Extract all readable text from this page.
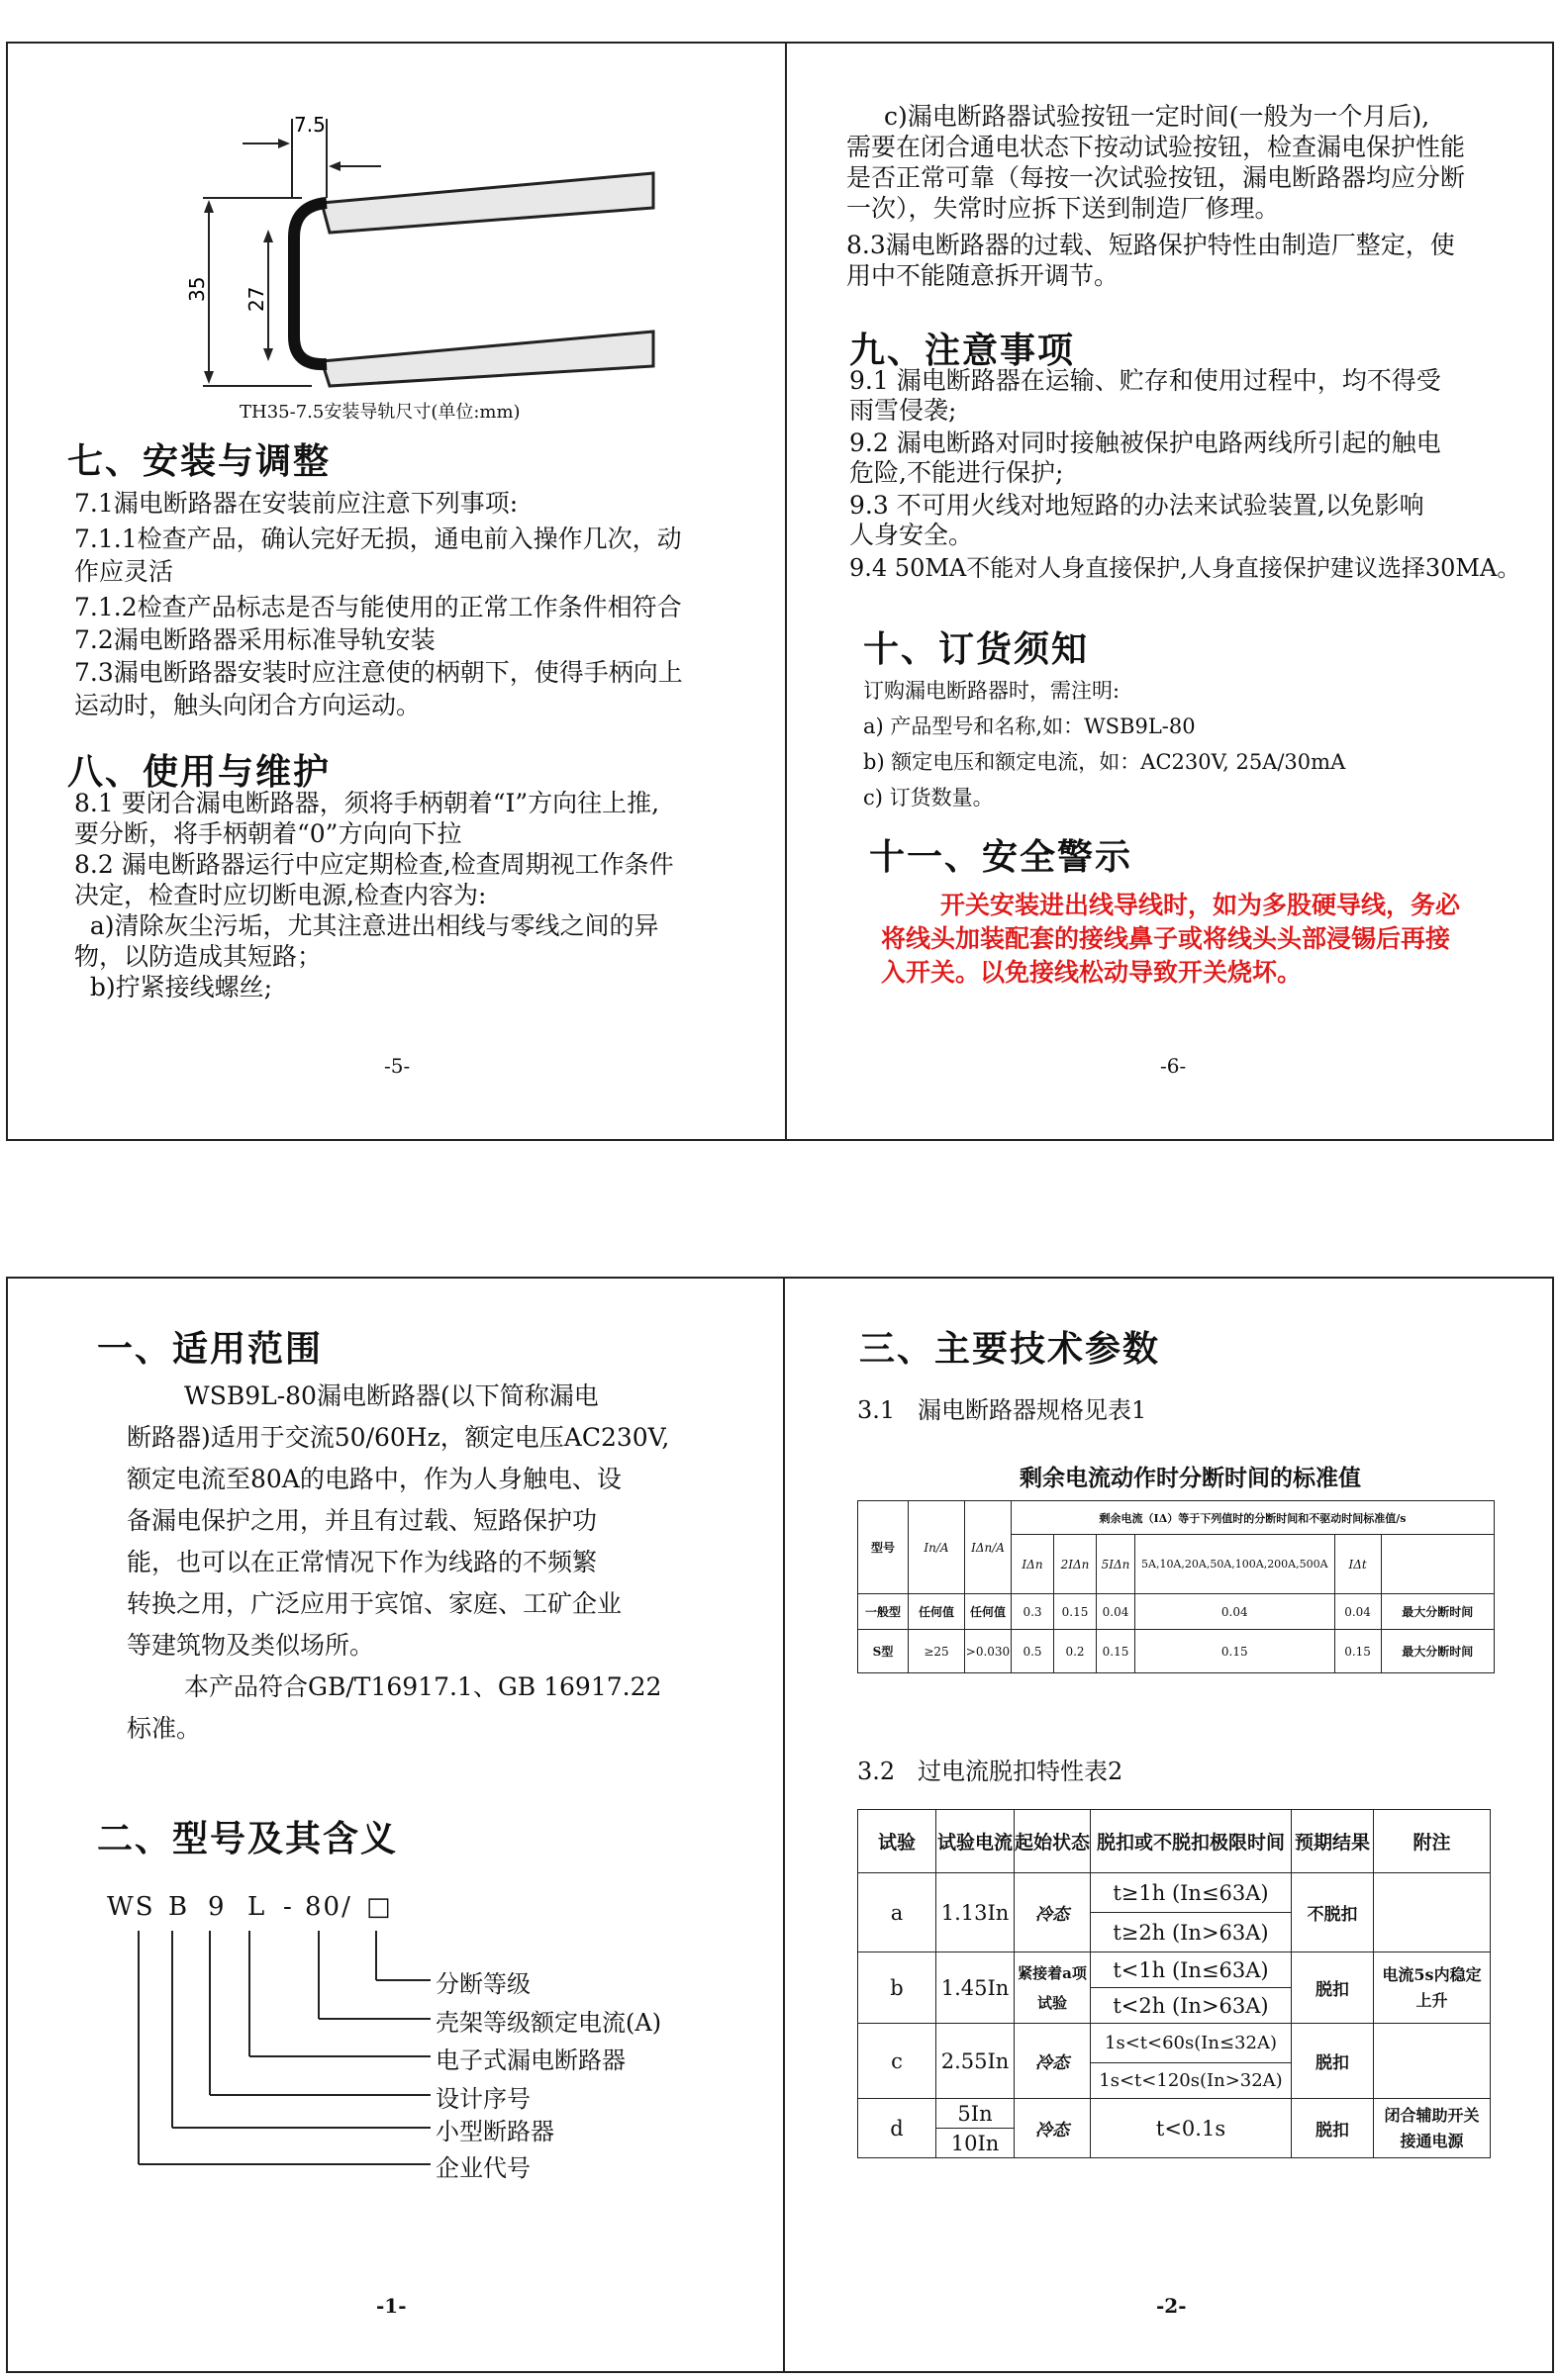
7.5
35 27
TH35-7.5安装导轨尺寸(单位:mm)
七、安装与调整
7.1漏电断路器在安装前应注意下列事项:
7.1.1检查产品，确认完好无损，通电前入操作几次，动
作应灵活
7.1.2检查产品标志是否与能使用的正常工作条件相符合
7.2漏电断路器采用标准导轨安装
7.3漏电断路器安装时应注意使的柄朝下，使得手柄向上
运动时，触头向闭合方向运动。
八、使用与维护
8.1 要闭合漏电断路器，须将手柄朝着“I”方向往上推,
要分断，将手柄朝着“0”方向向下拉
8.2 漏电断路器运行中应定期检查,检查周期视工作条件
决定，检查时应切断电源,检查内容为:
a)清除灰尘污垢，尤其注意进出相线与零线之间的异
物，以防造成其短路；
b)拧紧接线螺丝;
-5-
c)漏电断路器试验按钮一定时间(一般为一个月后),
需要在闭合通电状态下按动试验按钮，检查漏电保护性能
是否正常可靠（每按一次试验按钮，漏电断路器均应分断
一次），失常时应拆下送到制造厂修理。
8.3漏电断路器的过载、短路保护特性由制造厂整定，使
用中不能随意拆开调节。
九、注意事项
9.1 漏电断路器在运输、贮存和使用过程中，均不得受
雨雪侵袭;
9.2 漏电断路对同时接触被保护电路两线所引起的触电
危险,不能进行保护;
9.3 不可用火线对地短路的办法来试验装置,以免影响
人身安全。
9.4 50MA不能对人身直接保护,人身直接保护建议选择30MA。
十、订货须知
订购漏电断路器时，需注明:
a) 产品型号和名称,如：WSB9L-80
b) 额定电压和额定电流，如：AC230V, 25A/30mA
c) 订货数量。
十一、安全警示
开关安装进出线导线时，如为多股硬导线，务必
将线头加装配套的接线鼻子或将线头头部浸锡后再接
入开关。以免接线松动导致开关烧坏。
-6-
一、适用范围
WSB9L-80漏电断路器(以下简称漏电
断路器)适用于交流50/60Hz，额定电压AC230V,
额定电流至80A的电路中，作为人身触电、设
备漏电保护之用，并且有过载、短路保护功
能，也可以在正常情况下作为线路的不频繁
转换之用，广泛应用于宾馆、家庭、工矿企业
等建筑物及类似场所。
本产品符合GB/T16917.1、GB 16917.22
标准。
二、型号及其含义
WS B 9 L - 80/ □
分断等级
壳架等级额定电流(A)
电子式漏电断路器
设计序号
小型断路器
企业代号
-1-
三、主要技术参数
3.1   漏电断路器规格见表1
剩余电流动作时分断时间的标准值
型号	In/A	IΔn/A	剩余电流（IΔ）等于下列值时的分断时间和不驱动时间标准值/s					
			IΔn	2IΔn	5IΔn	5A,10A,20A,50A,100A,200A,500A	IΔt	
一般型	任何值	任何值	0.3	0.15	0.04	0.04	0.04	最大分断时间
S型	≥25	>0.030	0.5	0.2	0.15	0.15	0.15	最大分断时间
3.2   过电流脱扣特性表2
试验	试验电流	起始状态	脱扣或不脱扣极限时间	预期结果	附注
a	1.13In	冷态	t≥1h (In≤63A)	不脱扣	
			t≥2h (In>63A)		
b	1.45In	紧接着a项试验	t<1h (In≤63A)	脱扣	电流5s内稳定上升
			t<2h (In>63A)		
c	2.55In	冷态	1s<t<60s(In≤32A)	脱扣	
			1s<t<120s(In>32A)		
d	5In	冷态	t<0.1s	脱扣	闭合辅助开关接通电源
	10In				
-2-
